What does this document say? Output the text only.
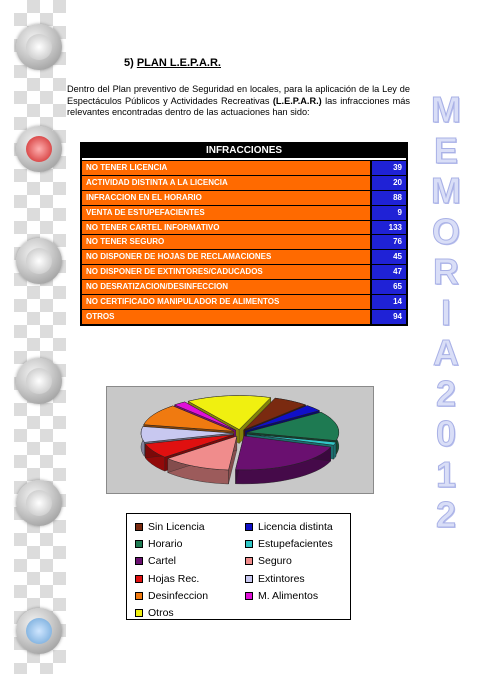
M
E
M
O
R
I
A
2
0
1
2
5) PLAN L.E.P.A.R.
Dentro del Plan preventivo de Seguridad en locales, para la aplicación de la Ley de Espectáculos Públicos y Actividades Recreativas (L.E.P.A.R.) las infracciones más relevantes encontradas dentro de las actuaciones han sido:
INFRACCIONES
NO TENER LICENCIA	39
ACTIVIDAD DISTINTA A LA LICENCIA	20
INFRACCION EN EL HORARIO	88
VENTA DE ESTUPEFACIENTES	9
NO TENER CARTEL INFORMATIVO	133
NO TENER SEGURO	76
NO DISPONER DE HOJAS DE RECLAMACIONES	45
NO DISPONER DE EXTINTORES/CADUCADOS	47
NO DESRATIZACION/DESINFECCION	65
NO CERTIFICADO MANIPULADOR DE ALIMENTOS	14
OTROS	94
Sin Licencia	Licencia distinta
Horario	Estupefacientes
Cartel	Seguro
Hojas Rec.	Extintores
Desinfeccion	M. Alimentos
Otros
